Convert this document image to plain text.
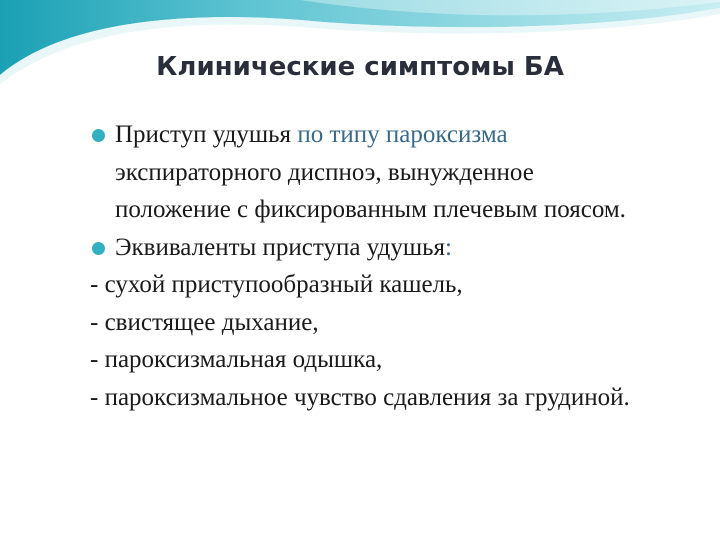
Клинические симптомы БА
Приступ удушья по типу пароксизма экспираторного диспноэ, вынужденное положение с фиксированным плечевым поясом.
Эквиваленты приступа удушья:
- сухой приступообразный кашель,
- свистящее дыхание,
- пароксизмальная одышка,
- пароксизмальное чувство сдавления за грудиной.
